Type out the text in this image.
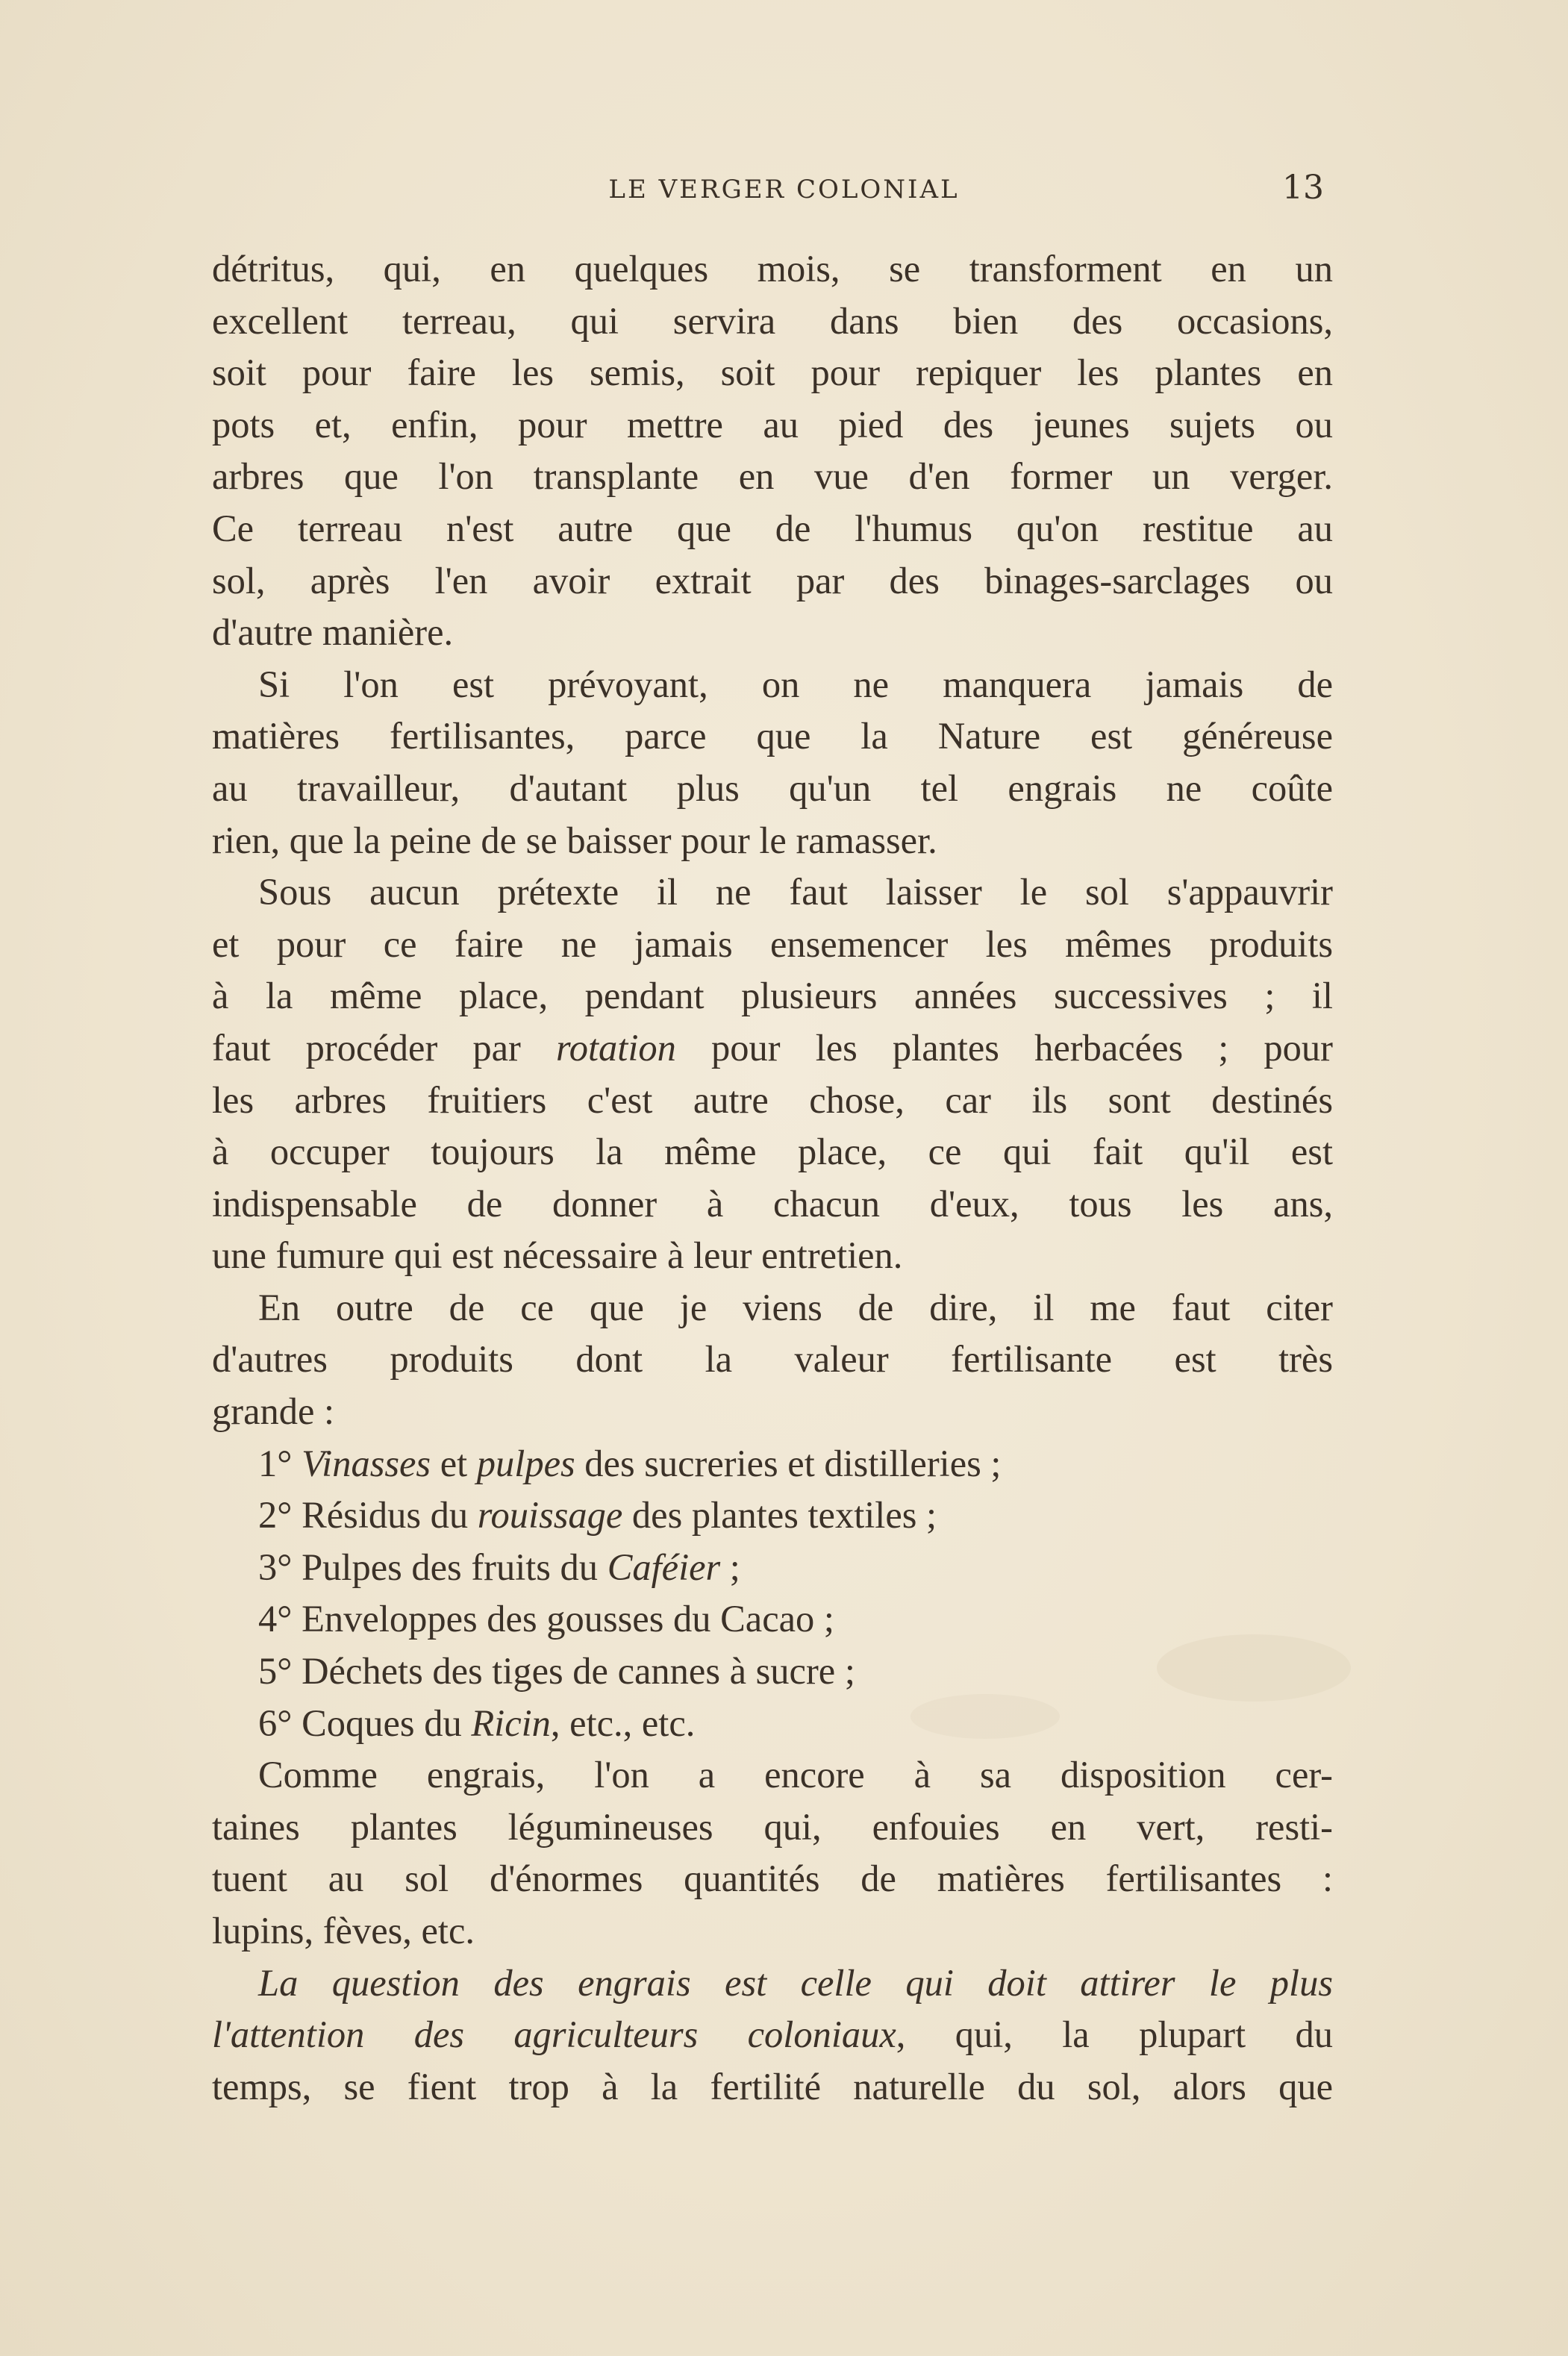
LE VERGER COLONIAL	13
détritus, qui, en quelques mois, se transforment en un
excellent terreau, qui servira dans bien des occasions,
soit pour faire les semis, soit pour repiquer les plantes en
pots et, enfin, pour mettre au pied des jeunes sujets ou
arbres que l'on transplante en vue d'en former un verger.
Ce terreau n'est autre que de l'humus qu'on restitue au
sol, après l'en avoir extrait par des binages-sarclages ou
d'autre manière.
Si l'on est prévoyant, on ne manquera jamais de
matières fertilisantes, parce que la Nature est généreuse
au travailleur, d'autant plus qu'un tel engrais ne coûte
rien, que la peine de se baisser pour le ramasser.
Sous aucun prétexte il ne faut laisser le sol s'appauvrir
et pour ce faire ne jamais ensemencer les mêmes produits
à la même place, pendant plusieurs années successives ; il
faut procéder par rotation pour les plantes herbacées ; pour
les arbres fruitiers c'est autre chose, car ils sont destinés
à occuper toujours la même place, ce qui fait qu'il est
indispensable de donner à chacun d'eux, tous les ans,
une fumure qui est nécessaire à leur entretien.
En outre de ce que je viens de dire, il me faut citer
d'autres produits dont la valeur fertilisante est très
grande :
1° Vinasses et pulpes des sucreries et distilleries ;
2° Résidus du rouissage des plantes textiles ;
3° Pulpes des fruits du Caféier ;
4° Enveloppes des gousses du Cacao ;
5° Déchets des tiges de cannes à sucre ;
6° Coques du Ricin, etc., etc.
Comme engrais, l'on a encore à sa disposition cer-
taines plantes légumineuses qui, enfouies en vert, resti-
tuent au sol d'énormes quantités de matières fertilisantes :
lupins, fèves, etc.
La question des engrais est celle qui doit attirer le plus
l'attention des agriculteurs coloniaux, qui, la plupart du
temps, se fient trop à la fertilité naturelle du sol, alors que
